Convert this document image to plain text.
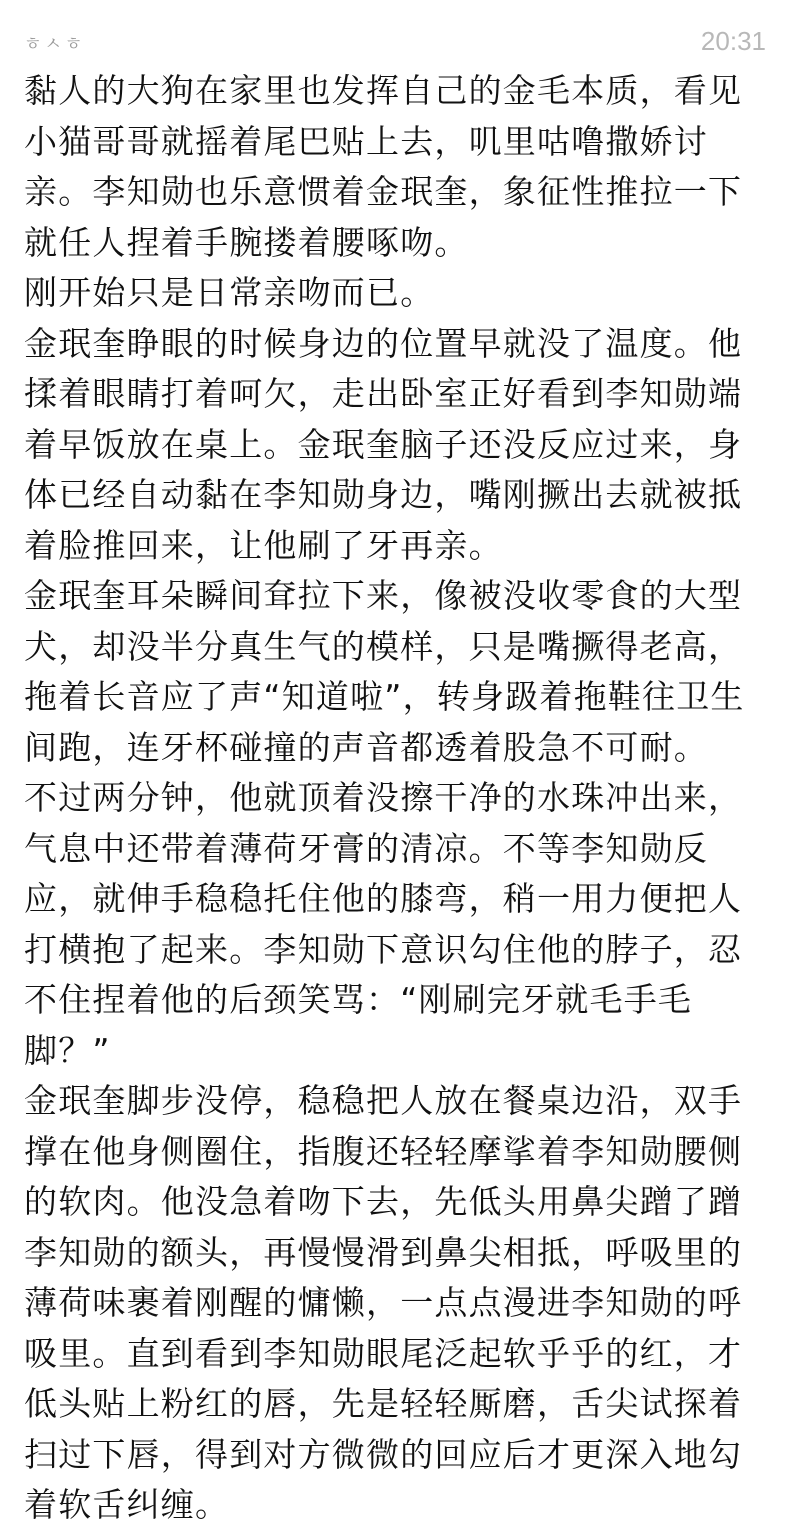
ㅎㅅㅎ	20:31

黏人的大狗在家里也发挥自己的金毛本质，看见小猫哥哥就摇着尾巴贴上去，叽里咕噜撒娇讨亲。李知勋也乐意惯着金珉奎，象征性推拉一下就任人捏着手腕搂着腰啄吻。

刚开始只是日常亲吻而已。

金珉奎睁眼的时候身边的位置早就没了温度。他揉着眼睛打着呵欠，走出卧室正好看到李知勋端着早饭放在桌上。金珉奎脑子还没反应过来，身体已经自动黏在李知勋身边，嘴刚撅出去就被抵着脸推回来，让他刷了牙再亲。

金珉奎耳朵瞬间耷拉下来，像被没收零食的大型犬，却没半分真生气的模样，只是嘴撅得老高，拖着长音应了声“知道啦”，转身趿着拖鞋往卫生间跑，连牙杯碰撞的声音都透着股急不可耐。

不过两分钟，他就顶着没擦干净的水珠冲出来，气息中还带着薄荷牙膏的清凉。不等李知勋反应，就伸手稳稳托住他的膝弯，稍一用力便把人打横抱了起来。李知勋下意识勾住他的脖子，忍不住捏着他的后颈笑骂：“刚刷完牙就毛手毛脚？”

金珉奎脚步没停，稳稳把人放在餐桌边沿，双手撑在他身侧圈住，指腹还轻轻摩挲着李知勋腰侧的软肉。他没急着吻下去，先低头用鼻尖蹭了蹭李知勋的额头，再慢慢滑到鼻尖相抵，呼吸里的薄荷味裹着刚醒的慵懒，一点点漫进李知勋的呼吸里。直到看到李知勋眼尾泛起软乎乎的红，才低头贴上粉红的唇，先是轻轻厮磨，舌尖试探着扫过下唇，得到对方微微的回应后才更深入地勾着软舌纠缠。
